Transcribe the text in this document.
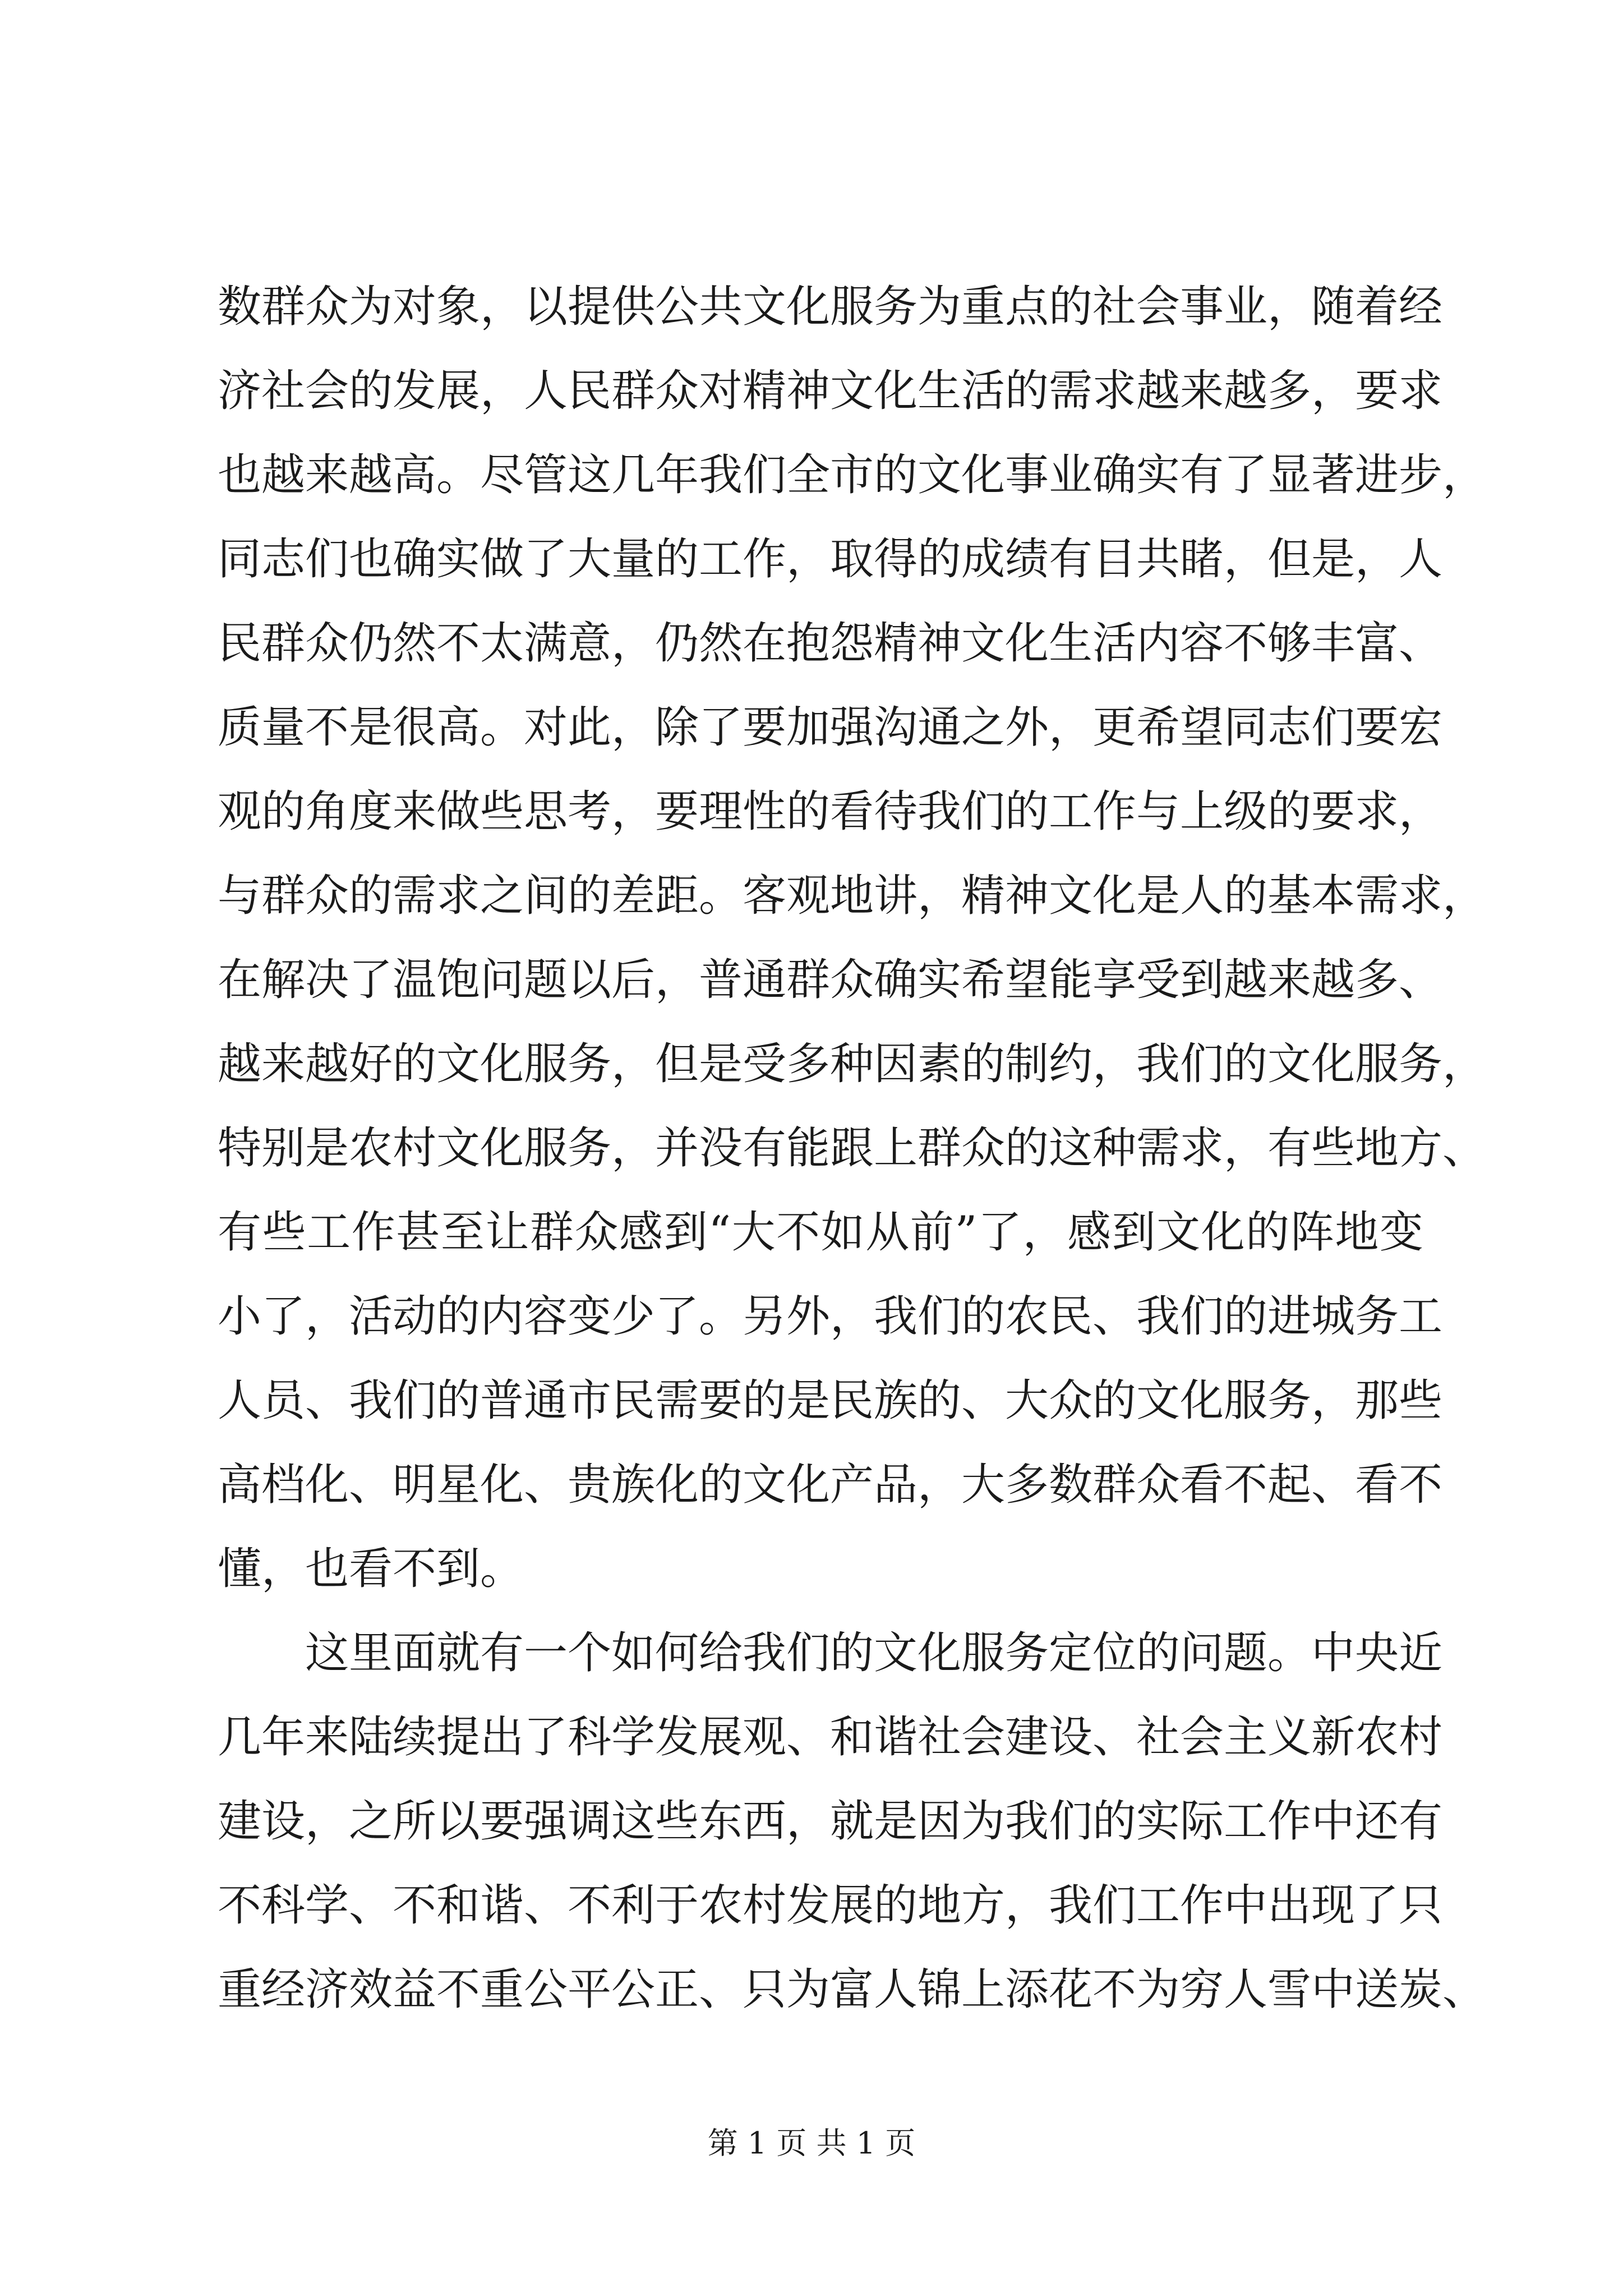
数群众为对象，以提供公共文化服务为重点的社会事业，随着经
济社会的发展，人民群众对精神文化生活的需求越来越多，要求
也越来越高。尽管这几年我们全市的文化事业确实有了显著进步，
同志们也确实做了大量的工作，取得的成绩有目共睹，但是，人
民群众仍然不太满意，仍然在抱怨精神文化生活内容不够丰富、
质量不是很高。对此，除了要加强沟通之外，更希望同志们要宏
观的角度来做些思考，要理性的看待我们的工作与上级的要求，
与群众的需求之间的差距。客观地讲，精神文化是人的基本需求，
在解决了温饱问题以后，普通群众确实希望能享受到越来越多、
越来越好的文化服务，但是受多种因素的制约，我们的文化服务，
特别是农村文化服务，并没有能跟上群众的这种需求，有些地方、
有些工作甚至让群众感到“大不如从前”了，感到文化的阵地变
小了，活动的内容变少了。另外，我们的农民、我们的进城务工
人员、我们的普通市民需要的是民族的、大众的文化服务，那些
高档化、明星化、贵族化的文化产品，大多数群众看不起、看不
懂，也看不到。
这里面就有一个如何给我们的文化服务定位的问题。中央近
几年来陆续提出了科学发展观、和谐社会建设、社会主义新农村
建设，之所以要强调这些东西，就是因为我们的实际工作中还有
不科学、不和谐、不利于农村发展的地方，我们工作中出现了只
重经济效益不重公平公正、只为富人锦上添花不为穷人雪中送炭、
第 1 页 共 1 页
